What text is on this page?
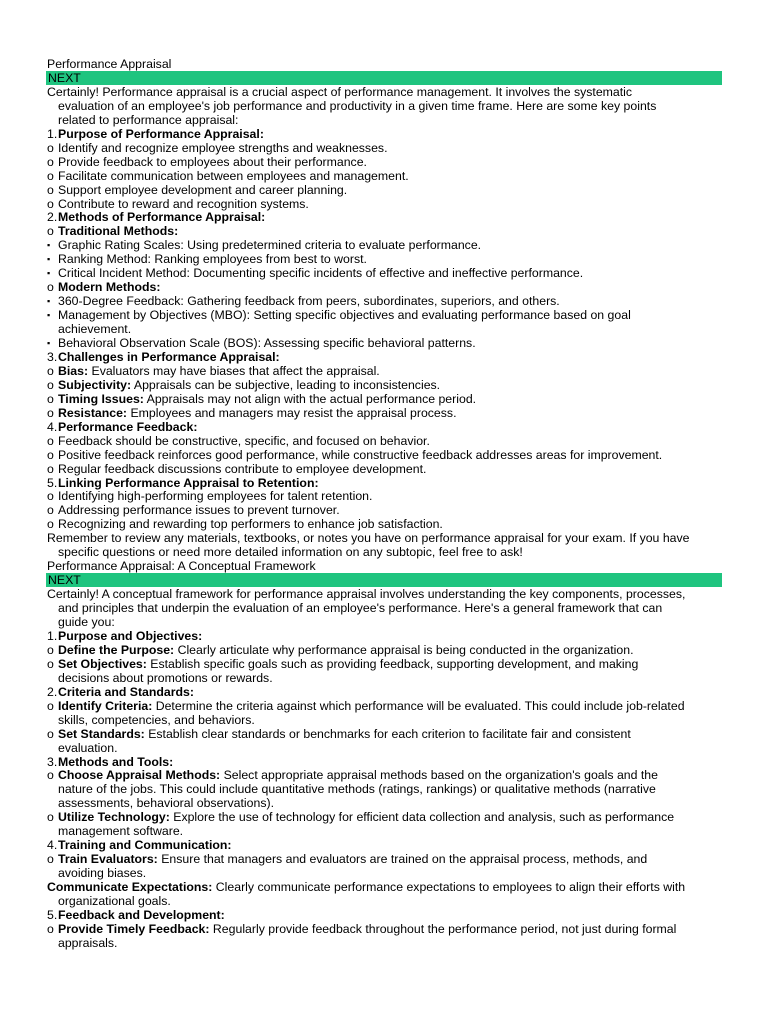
Performance Appraisal
NEXT
Certainly! Performance appraisal is a crucial aspect of performance management. It involves the systematic
evaluation of an employee's job performance and productivity in a given time frame. Here are some key points
related to performance appraisal:
1. Purpose of Performance Appraisal:
o Identify and recognize employee strengths and weaknesses.
o Provide feedback to employees about their performance.
o Facilitate communication between employees and management.
o Support employee development and career planning.
o Contribute to reward and recognition systems.
2. Methods of Performance Appraisal:
o Traditional Methods:
▪ Graphic Rating Scales: Using predetermined criteria to evaluate performance.
▪ Ranking Method: Ranking employees from best to worst.
▪ Critical Incident Method: Documenting specific incidents of effective and ineffective performance.
o Modern Methods:
▪ 360-Degree Feedback: Gathering feedback from peers, subordinates, superiors, and others.
▪ Management by Objectives (MBO): Setting specific objectives and evaluating performance based on goal
achievement.
▪ Behavioral Observation Scale (BOS): Assessing specific behavioral patterns.
3. Challenges in Performance Appraisal:
o Bias: Evaluators may have biases that affect the appraisal.
o Subjectivity: Appraisals can be subjective, leading to inconsistencies.
o Timing Issues: Appraisals may not align with the actual performance period.
o Resistance: Employees and managers may resist the appraisal process.
4. Performance Feedback:
o Feedback should be constructive, specific, and focused on behavior.
o Positive feedback reinforces good performance, while constructive feedback addresses areas for improvement.
o Regular feedback discussions contribute to employee development.
5. Linking Performance Appraisal to Retention:
o Identifying high-performing employees for talent retention.
o Addressing performance issues to prevent turnover.
o Recognizing and rewarding top performers to enhance job satisfaction.
Remember to review any materials, textbooks, or notes you have on performance appraisal for your exam. If you have
specific questions or need more detailed information on any subtopic, feel free to ask!
Performance Appraisal: A Conceptual Framework
NEXT
Certainly! A conceptual framework for performance appraisal involves understanding the key components, processes,
and principles that underpin the evaluation of an employee's performance. Here's a general framework that can
guide you:
1. Purpose and Objectives:
o Define the Purpose: Clearly articulate why performance appraisal is being conducted in the organization.
o Set Objectives: Establish specific goals such as providing feedback, supporting development, and making
decisions about promotions or rewards.
2. Criteria and Standards:
o Identify Criteria: Determine the criteria against which performance will be evaluated. This could include job-related
skills, competencies, and behaviors.
o Set Standards: Establish clear standards or benchmarks for each criterion to facilitate fair and consistent
evaluation.
3. Methods and Tools:
o Choose Appraisal Methods: Select appropriate appraisal methods based on the organization's goals and the
nature of the jobs. This could include quantitative methods (ratings, rankings) or qualitative methods (narrative
assessments, behavioral observations).
o Utilize Technology: Explore the use of technology for efficient data collection and analysis, such as performance
management software.
4. Training and Communication:
o Train Evaluators: Ensure that managers and evaluators are trained on the appraisal process, methods, and
avoiding biases.
Communicate Expectations: Clearly communicate performance expectations to employees to align their efforts with
organizational goals.
5. Feedback and Development:
o Provide Timely Feedback: Regularly provide feedback throughout the performance period, not just during formal
appraisals.
